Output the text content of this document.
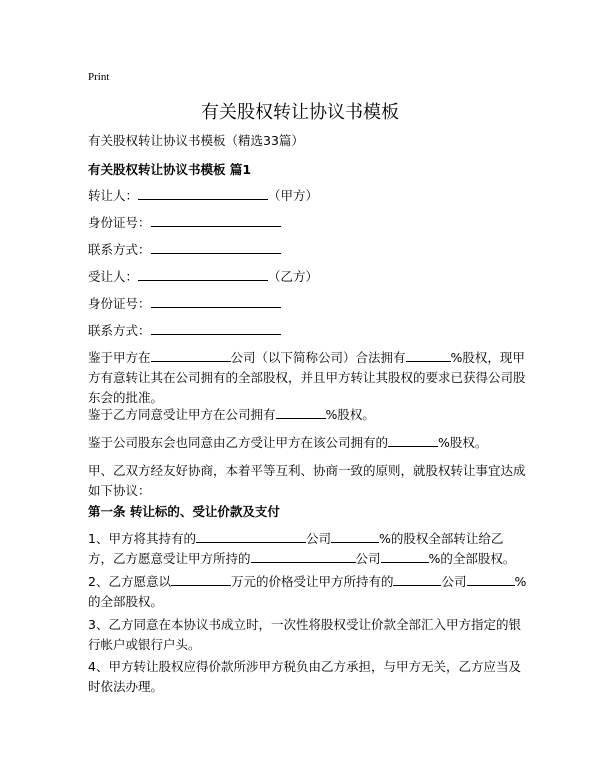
Print
有关股权转让协议书模板
有关股权转让协议书模板（精选33篇）
有关股权转让协议书模板 篇1
转让人：	（甲方）
身份证号：
联系方式：
受让人：	（乙方）
身份证号：
联系方式：
鉴于甲方在	公司（以下简称公司）合法拥有	%股权，现甲方有意转让其在公司拥有的全部股权，并且甲方转让其股权的要求已获得公司股东会的批准。
鉴于乙方同意受让甲方在公司拥有	%股权。
鉴于公司股东会也同意由乙方受让甲方在该公司拥有的	%股权。
甲、乙双方经友好协商，本着平等互利、协商一致的原则，就股权转让事宜达成如下协议：
第一条 转让标的、受让价款及支付
1、甲方将其持有的	公司	%的股权全部转让给乙方，乙方愿意受让甲方所持的	公司	%的全部股权。
2、乙方愿意以	万元的价格受让甲方所持有的	公司	%的全部股权。
3、乙方同意在本协议书成立时，一次性将股权受让价款全部汇入甲方指定的银行帐户或银行户头。
4、甲方转让股权应得价款所涉甲方税负由乙方承担，与甲方无关，乙方应当及时依法办理。
